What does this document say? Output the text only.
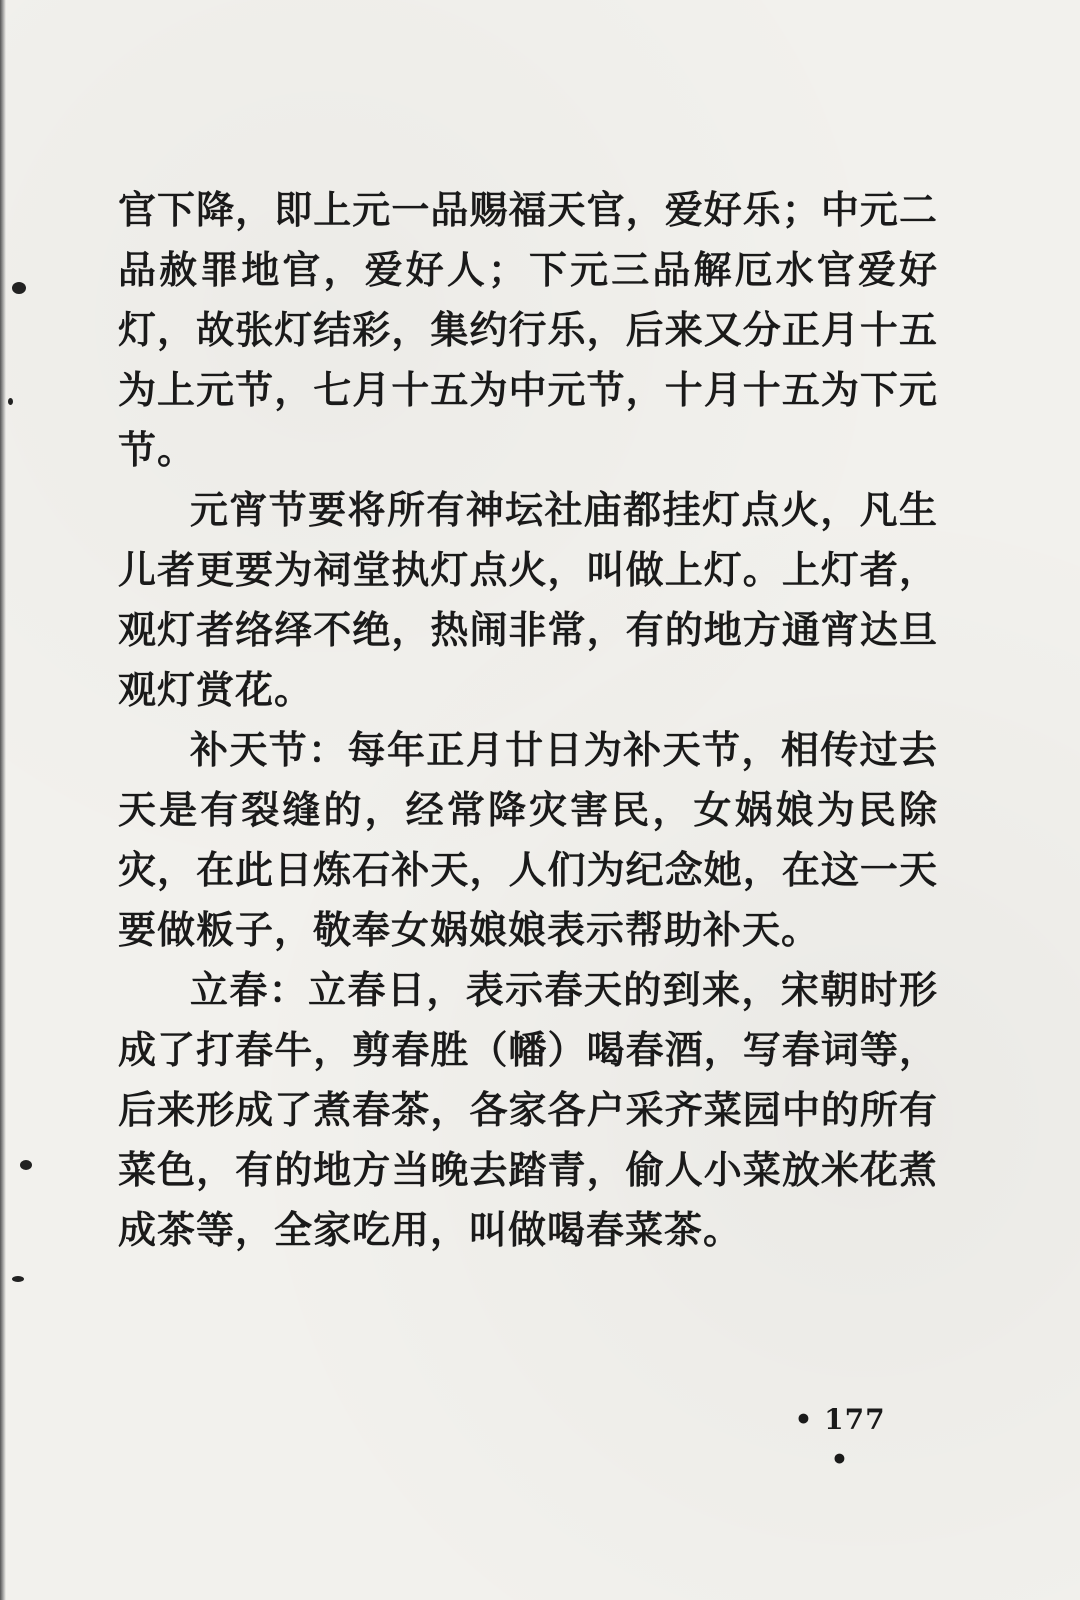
官下降，即上元一品赐福天官，爱好乐；中元二品赦罪地官，爱好人；下元三品解厄水官爱好灯，故张灯结彩，集约行乐，后来又分正月十五为上元节，七月十五为中元节，十月十五为下元节。

元宵节要将所有神坛社庙都挂灯点火，凡生儿者更要为祠堂执灯点火，叫做上灯。上灯者，观灯者络绎不绝，热闹非常，有的地方通宵达旦观灯赏花。

补天节：每年正月廿日为补天节，相传过去天是有裂缝的，经常降灾害民，女娲娘为民除灾，在此日炼石补天，人们为纪念她，在这一天要做粄子，敬奉女娲娘娘表示帮助补天。

立春：立春日，表示春天的到来，宋朝时形成了打春牛，剪春胜（幡）喝春酒，写春词等，后来形成了煮春茶，各家各户采齐菜园中的所有菜色，有的地方当晚去踏青，偷人小菜放米花煮成茶等，全家吃用，叫做喝春菜茶。

• 177 •
